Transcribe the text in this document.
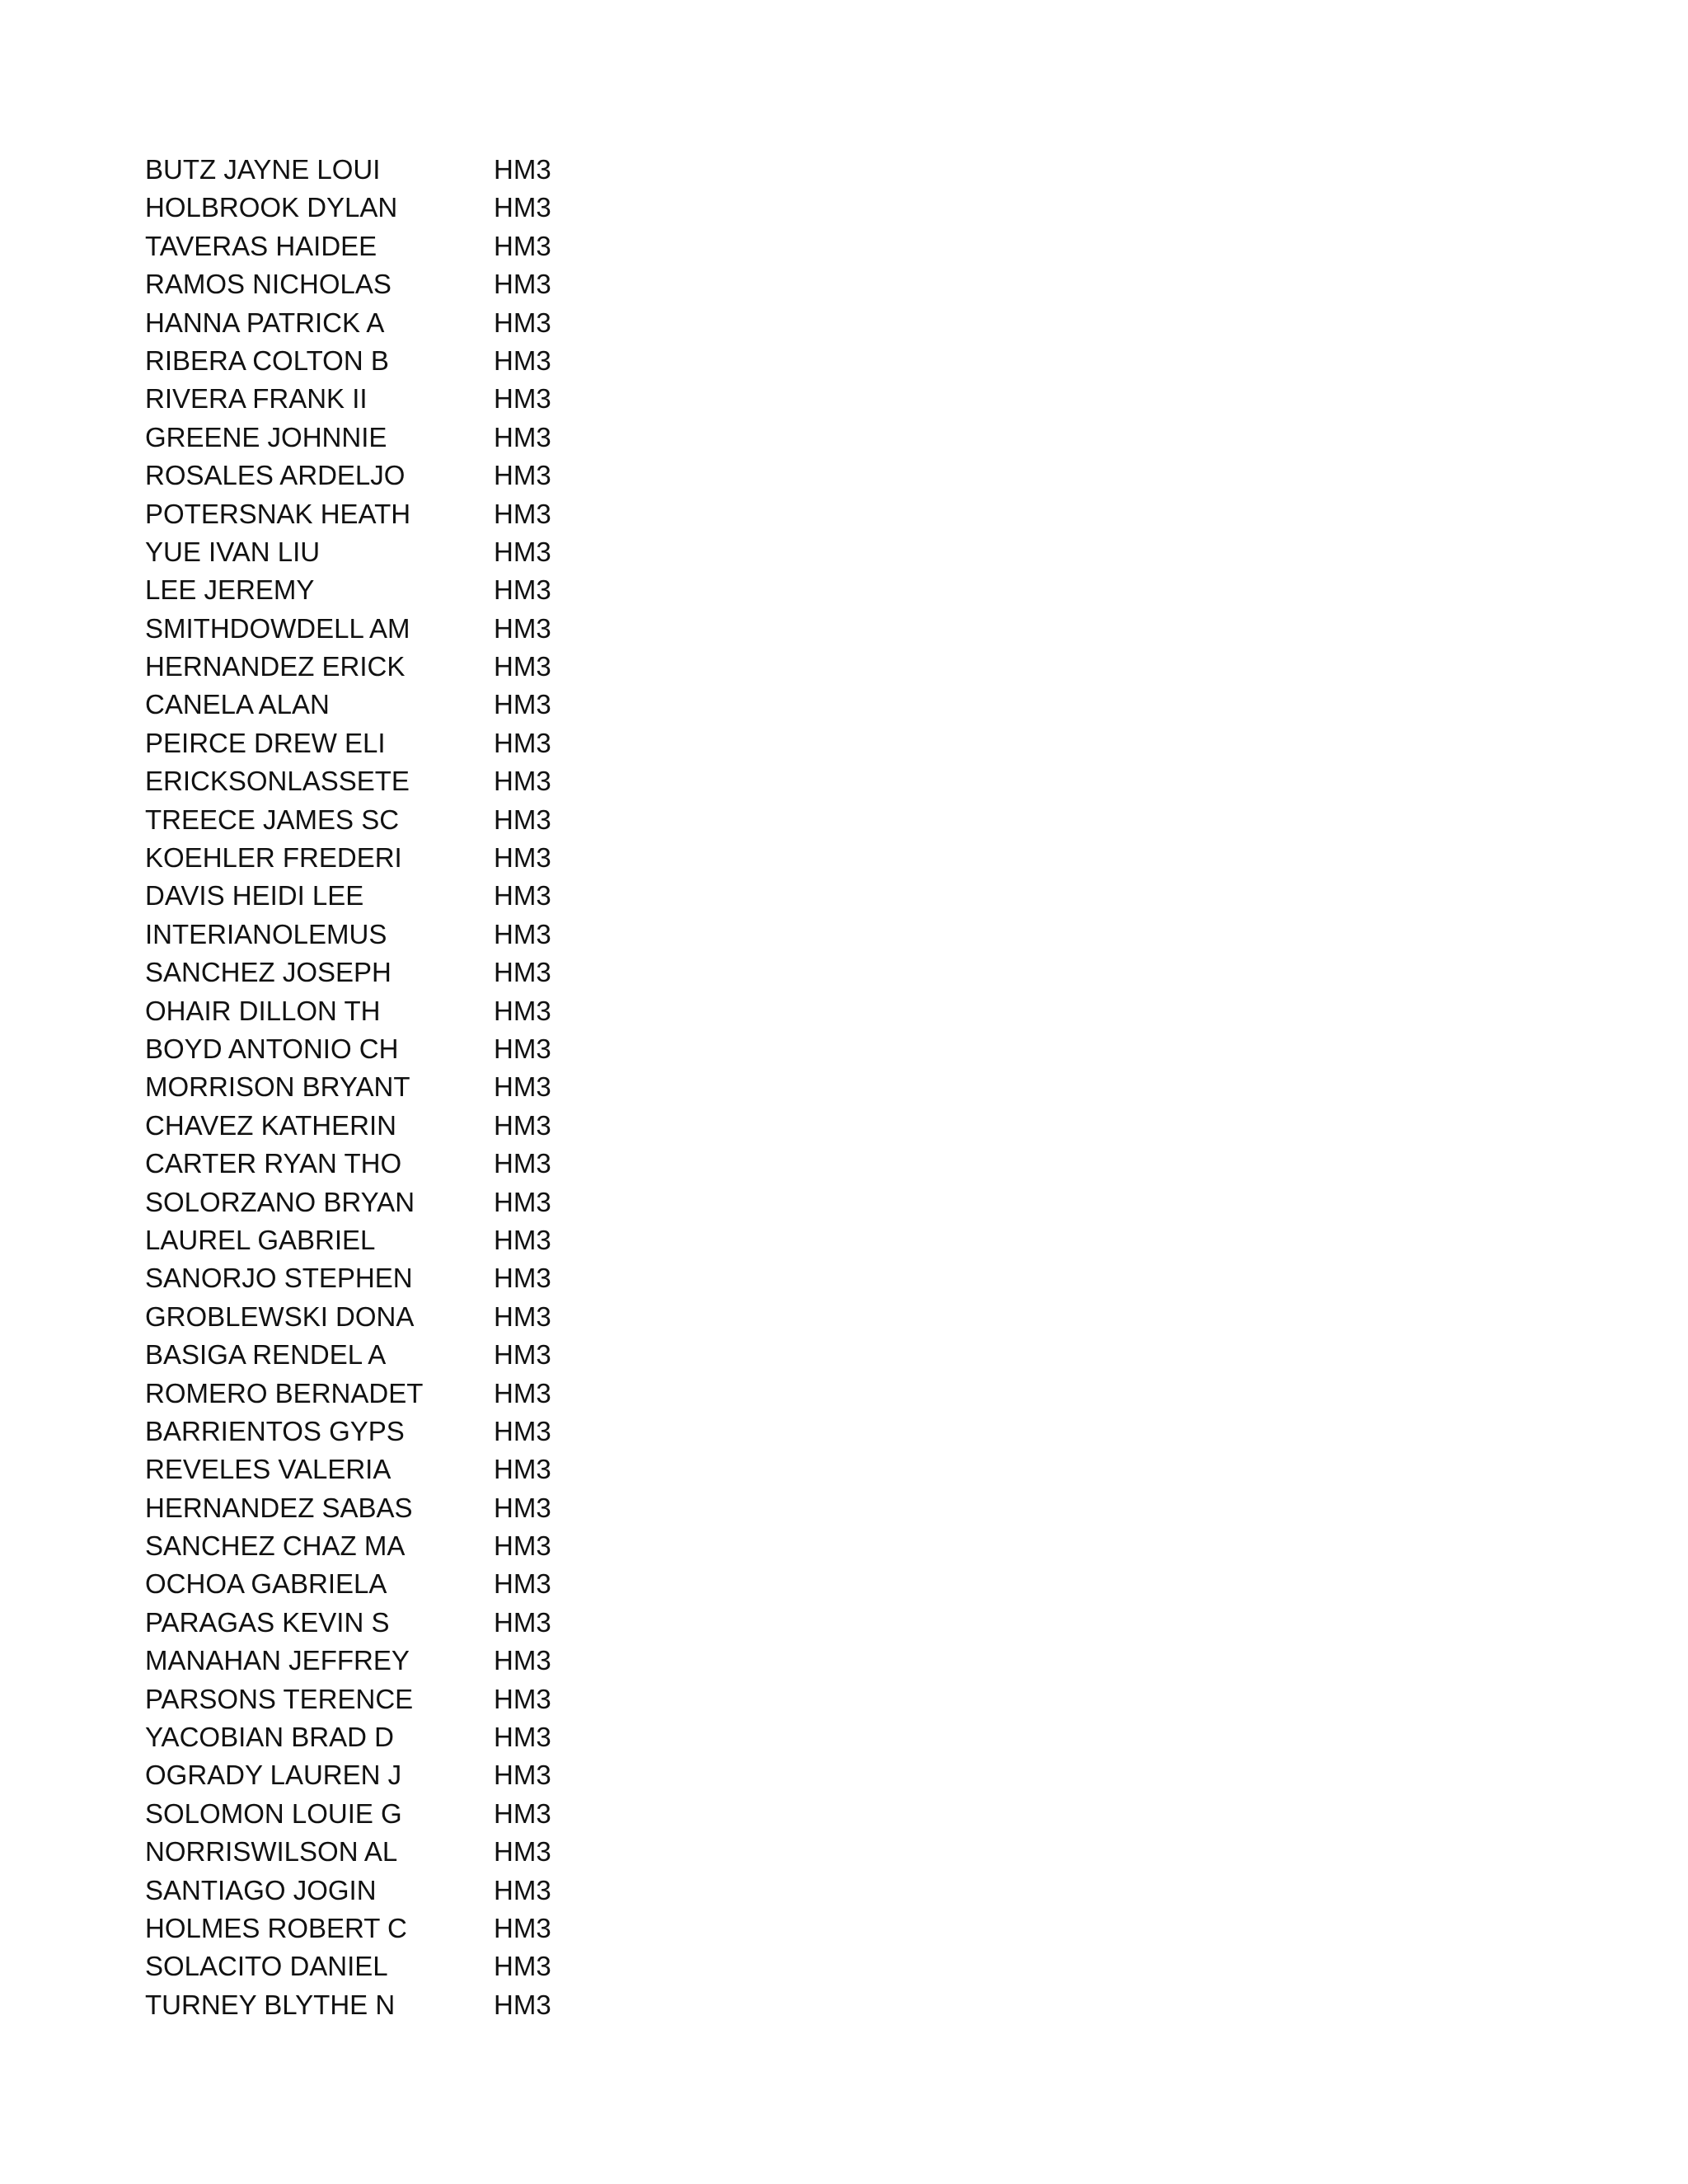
BUTZ JAYNE LOUI	HM3
HOLBROOK DYLAN	HM3
TAVERAS HAIDEE	HM3
RAMOS NICHOLAS	HM3
HANNA PATRICK A	HM3
RIBERA COLTON B	HM3
RIVERA FRANK II	HM3
GREENE JOHNNIE	HM3
ROSALES ARDELJO	HM3
POTERSNAK HEATH	HM3
YUE IVAN LIU	HM3
LEE JEREMY	HM3
SMITHDOWDELL AM	HM3
HERNANDEZ ERICK	HM3
CANELA ALAN	HM3
PEIRCE DREW ELI	HM3
ERICKSONLASSETE	HM3
TREECE JAMES SC	HM3
KOEHLER FREDERI	HM3
DAVIS HEIDI LEE	HM3
INTERIANOLEMUS	HM3
SANCHEZ JOSEPH	HM3
OHAIR DILLON TH	HM3
BOYD ANTONIO CH	HM3
MORRISON BRYANT	HM3
CHAVEZ KATHERIN	HM3
CARTER RYAN THO	HM3
SOLORZANO BRYAN	HM3
LAUREL GABRIEL	HM3
SANORJO STEPHEN	HM3
GROBLEWSKI DONA	HM3
BASIGA RENDEL A	HM3
ROMERO BERNADET	HM3
BARRIENTOS GYPS	HM3
REVELES VALERIA	HM3
HERNANDEZ SABAS	HM3
SANCHEZ CHAZ MA	HM3
OCHOA GABRIELA	HM3
PARAGAS KEVIN S	HM3
MANAHAN JEFFREY	HM3
PARSONS TERENCE	HM3
YACOBIAN BRAD D	HM3
OGRADY LAUREN J	HM3
SOLOMON LOUIE G	HM3
NORRISWILSON AL	HM3
SANTIAGO JOGIN	HM3
HOLMES ROBERT C	HM3
SOLACITO DANIEL	HM3
TURNEY BLYTHE N	HM3
